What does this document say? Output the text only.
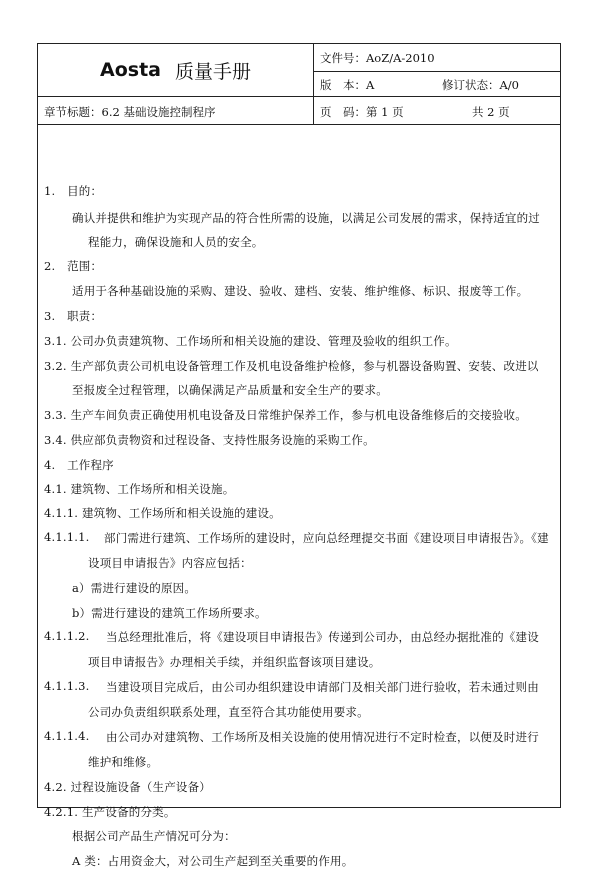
Aosta 质量手册
文件号：AoZ/A-2010
版　本：A	修订状态：A/0
章节标题：6.2 基础设施控制程序	页　码：第 1 页	共 2 页
1.　目的：
确认并提供和维护为实现产品的符合性所需的设施，以满足公司发展的需求，保持适宜的过
程能力，确保设施和人员的安全。
2.　范围：
适用于各种基础设施的采购、建设、验收、建档、安装、维护维修、标识、报废等工作。
3.　职责：
3.1. 公司办负责建筑物、工作场所和相关设施的建设、管理及验收的组织工作。
3.2. 生产部负责公司机电设备管理工作及机电设备维护检修，参与机器设备购置、安装、改进以
至报废全过程管理，以确保满足产品质量和安全生产的要求。
3.3. 生产车间负责正确使用机电设备及日常维护保养工作，参与机电设备维修后的交接验收。
3.4. 供应部负责物资和过程设备、支持性服务设施的采购工作。
4.　工作程序
4.1. 建筑物、工作场所和相关设施。
4.1.1. 建筑物、工作场所和相关设施的建设。
4.1.1.1. 部门需进行建筑、工作场所的建设时，应向总经理提交书面《建设项目申请报告》。《建
设项目申请报告》内容应包括：
a）需进行建设的原因。
b）需进行建设的建筑工作场所要求。
4.1.1.2. 当总经理批准后，将《建设项目申请报告》传递到公司办，由总经办据批准的《建设
项目申请报告》办理相关手续，并组织监督该项目建设。
4.1.1.3. 当建设项目完成后，由公司办组织建设申请部门及相关部门进行验收，若未通过则由
公司办负责组织联系处理，直至符合其功能使用要求。
4.1.1.4. 由公司办对建筑物、工作场所及相关设施的使用情况进行不定时检查，以便及时进行
维护和维修。
4.2. 过程设施设备（生产设备）
4.2.1. 生产设备的分类。
根据公司产品生产情况可分为：
A 类：占用资金大，对公司生产起到至关重要的作用。
